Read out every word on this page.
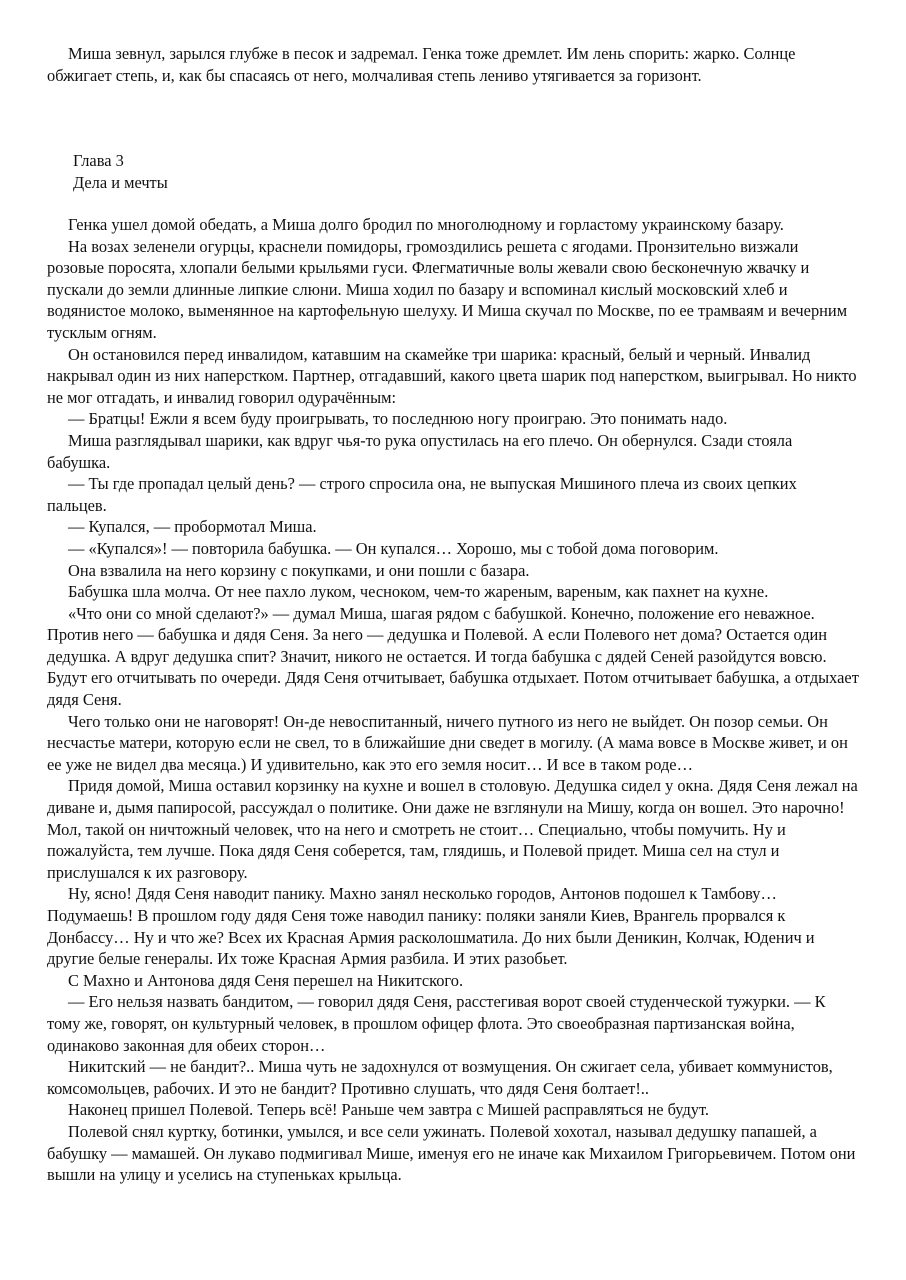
Миша зевнул, зарылся глубже в песок и задремал. Генка тоже дремлет. Им лень спорить: жарко. Солнце обжигает степь, и, как бы спасаясь от него, молчаливая степь лениво утягивается за горизонт.

Глава 3
Дела и мечты

Генка ушел домой обедать, а Миша долго бродил по многолюдному и горластому украинскому базару.

На возах зеленели огурцы, краснели помидоры, громоздились решета с ягодами. Пронзительно визжали розовые поросята, хлопали белыми крыльями гуси. Флегматичные волы жевали свою бесконечную жвачку и пускали до земли длинные липкие слюни. Миша ходил по базару и вспоминал кислый московский хлеб и водянистое молоко, выменянное на картофельную шелуху. И Миша скучал по Москве, по ее трамваям и вечерним тусклым огням.

Он остановился перед инвалидом, катавшим на скамейке три шарика: красный, белый и черный. Инвалид накрывал один из них наперстком. Партнер, отгадавший, какого цвета шарик под наперстком, выигрывал. Но никто не мог отгадать, и инвалид говорил одурачённым:

— Братцы! Ежли я всем буду проигрывать, то последнюю ногу проиграю. Это понимать надо.

Миша разглядывал шарики, как вдруг чья-то рука опустилась на его плечо. Он обернулся. Сзади стояла бабушка.

— Ты где пропадал целый день? — строго спросила она, не выпуская Мишиного плеча из своих цепких пальцев.

— Купался, — пробормотал Миша.

— «Купался»! — повторила бабушка. — Он купался… Хорошо, мы с тобой дома поговорим.

Она взвалила на него корзину с покупками, и они пошли с базара.

Бабушка шла молча. От нее пахло луком, чесноком, чем-то жареным, вареным, как пахнет на кухне.

«Что они со мной сделают?» — думал Миша, шагая рядом с бабушкой. Конечно, положение его неважное. Против него — бабушка и дядя Сеня. За него — дедушка и Полевой. А если Полевого нет дома? Остается один дедушка. А вдруг дедушка спит? Значит, никого не остается. И тогда бабушка с дядей Сеней разойдутся вовсю. Будут его отчитывать по очереди. Дядя Сеня отчитывает, бабушка отдыхает. Потом отчитывает бабушка, а отдыхает дядя Сеня.

Чего только они не наговорят! Он-де невоспитанный, ничего путного из него не выйдет. Он позор семьи. Он несчастье матери, которую если не свел, то в ближайшие дни сведет в могилу. (А мама вовсе в Москве живет, и он ее уже не видел два месяца.) И удивительно, как это его земля носит… И все в таком роде…

Придя домой, Миша оставил корзинку на кухне и вошел в столовую. Дедушка сидел у окна. Дядя Сеня лежал на диване и, дымя папиросой, рассуждал о политике. Они даже не взглянули на Мишу, когда он вошел. Это нарочно! Мол, такой он ничтожный человек, что на него и смотреть не стоит… Специально, чтобы помучить. Ну и пожалуйста, тем лучше. Пока дядя Сеня соберется, там, глядишь, и Полевой придет. Миша сел на стул и прислушался к их разговору.

Ну, ясно! Дядя Сеня наводит панику. Махно занял несколько городов, Антонов подошел к Тамбову… Подумаешь! В прошлом году дядя Сеня тоже наводил панику: поляки заняли Киев, Врангель прорвался к Донбассу… Ну и что же? Всех их Красная Армия расколошматила. До них были Деникин, Колчак, Юденич и другие белые генералы. Их тоже Красная Армия разбила. И этих разобьет.

С Махно и Антонова дядя Сеня перешел на Никитского.

— Его нельзя назвать бандитом, — говорил дядя Сеня, расстегивая ворот своей студенческой тужурки. — К тому же, говорят, он культурный человек, в прошлом офицер флота. Это своеобразная партизанская война, одинаково законная для обеих сторон…

Никитский — не бандит?.. Миша чуть не задохнулся от возмущения. Он сжигает села, убивает коммунистов, комсомольцев, рабочих. И это не бандит? Противно слушать, что дядя Сеня болтает!..

Наконец пришел Полевой. Теперь всё! Раньше чем завтра с Мишей расправляться не будут.

Полевой снял куртку, ботинки, умылся, и все сели ужинать. Полевой хохотал, называл дедушку папашей, а бабушку — мамашей. Он лукаво подмигивал Мише, именуя его не иначе как Михаилом Григорьевичем. Потом они вышли на улицу и уселись на ступеньках крыльца.
